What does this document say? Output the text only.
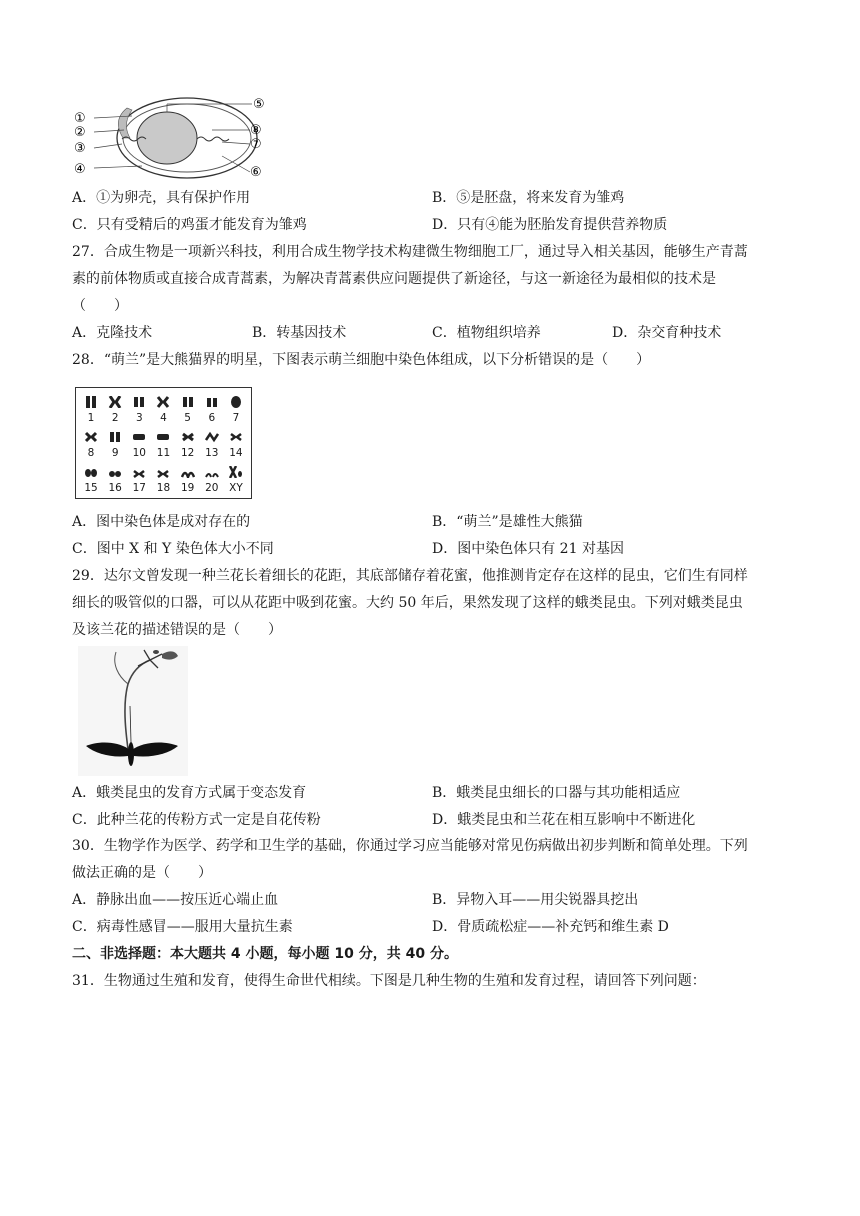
①
②
③
④
⑤
⑧
⑦
⑥
A．①为卵壳，具有保护作用	B．⑤是胚盘，将来发育为雏鸡
C．只有受精后的鸡蛋才能发育为雏鸡	D．只有④能为胚胎发育提供营养物质
27．合成生物是一项新兴科技，利用合成生物学技术构建微生物细胞工厂，通过导入相关基因，能够生产青蒿
素的前体物质或直接合成青蒿素，为解决青蒿素供应问题提供了新途径，与这一新途径为最相似的技术是
（　　）
A．克隆技术	B．转基因技术	C．植物组织培养	D．杂交育种技术
28．“萌兰”是大熊猫界的明星，下图表示萌兰细胞中染色体组成，以下分析错误的是（　　）
1	2	3	4	5	6	7
8	9	10 11 12 13 14
15 16 17 18 19 20 XY
A．图中染色体是成对存在的	B．“萌兰”是雄性大熊猫
C．图中 X 和 Y 染色体大小不同	D．图中染色体只有 21 对基因
29．达尔文曾发现一种兰花长着细长的花距，其底部储存着花蜜，他推测肯定存在这样的昆虫，它们生有同样
细长的吸管似的口器，可以从花距中吸到花蜜。大约 50 年后，果然发现了这样的蛾类昆虫。下列对蛾类昆虫
及该兰花的描述错误的是（　　）
A．蛾类昆虫的发育方式属于变态发育	B．蛾类昆虫细长的口器与其功能相适应
C．此种兰花的传粉方式一定是自花传粉	D．蛾类昆虫和兰花在相互影响中不断进化
30．生物学作为医学、药学和卫生学的基础，你通过学习应当能够对常见伤病做出初步判断和简单处理。下列
做法正确的是（　　）
A．静脉出血——按压近心端止血	B．异物入耳——用尖锐器具挖出
C．病毒性感冒——服用大量抗生素	D．骨质疏松症——补充钙和维生素 D
二、非选择题：本大题共 4 小题，每小题 10 分，共 40 分。
31．生物通过生殖和发育，使得生命世代相续。下图是几种生物的生殖和发育过程，请回答下列问题：
